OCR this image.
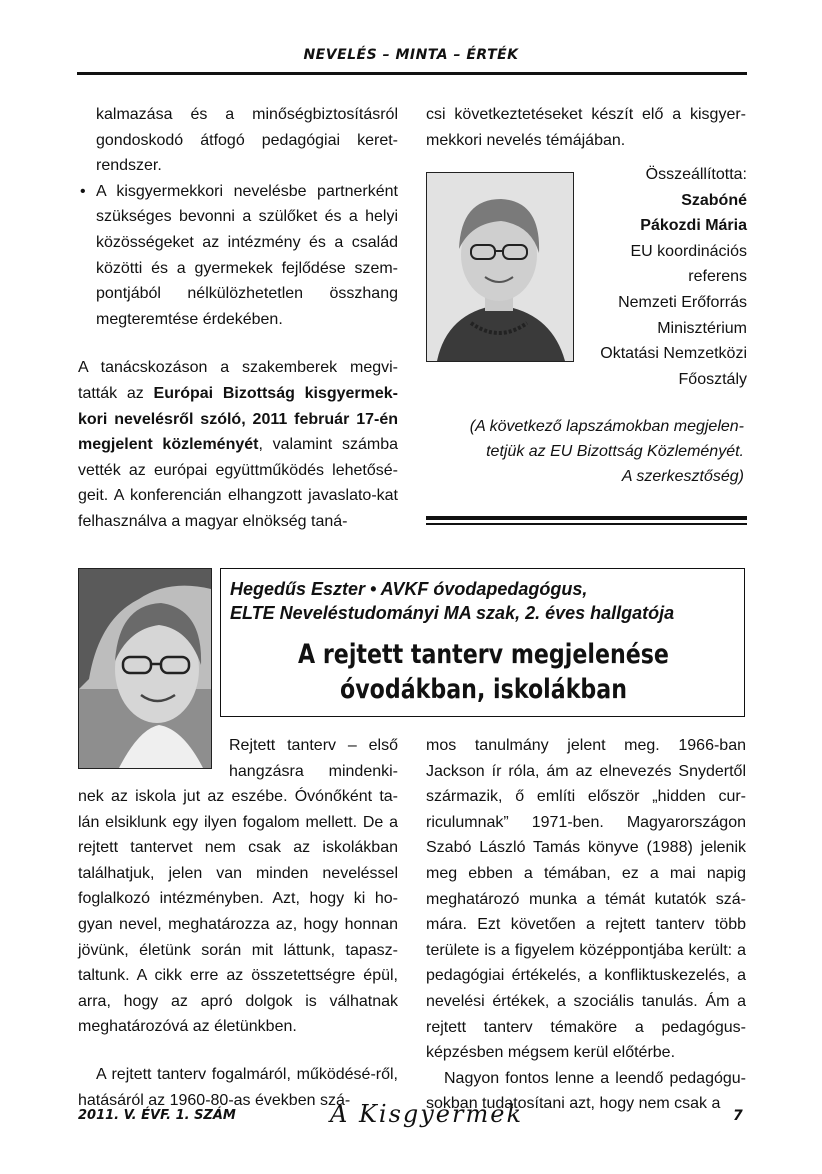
NEVELÉS – MINTA – ÉRTÉK

kalmazása és a minőségbiztosításról gondoskodó átfogó pedagógiai keret-rendszer.

• A kisgyermekkori nevelésbe partnerként szükséges bevonni a szülőket és a helyi közösségeket az intézmény és a család közötti és a gyermekek fejlődése szem-pontjából nélkülözhetetlen összhang megteremtése érdekében.

A tanácskozáson a szakemberek megvi-tatták az Európai Bizottság kisgyermek-kori nevelésről szóló, 2011 február 17-én megjelent közleményét, valamint számba vették az európai együttműködés lehetősé-geit. A konferencián elhangzott javaslato-kat felhasználva a magyar elnökség taná-

csi következtetéseket készít elő a kisgyer-mekkori nevelés témájában.

Összeállította:
Szabóné
Pákozdi Mária
EU koordinációs
referens
Nemzeti Erőforrás
Minisztérium
Oktatási Nemzetközi
Főosztály
(A következő lapszámokban megjelen-
tetjük az EU Bizottság Közleményét.
A szerkesztőség)
Hegedűs Eszter • AVKF óvodapedagógus,
ELTE Neveléstudományi MA szak, 2. éves hallgatója
A rejtett tanterv megjelenése
óvodákban, iskolákban
Rejtett tanterv – első
hangzásra mindenki-

nek az iskola jut az eszébe. Óvónőként ta-lán elsiklunk egy ilyen fogalom mellett. De a rejtett tantervet nem csak az iskolákban találhatjuk, jelen van minden neveléssel foglalkozó intézményben. Azt, hogy ki ho-gyan nevel, meghatározza az, hogy honnan jövünk, életünk során mit láttunk, tapasz-taltunk. A cikk erre az összetettségre épül, arra, hogy az apró dolgok is válhatnak meghatározóvá az életünkben.

A rejtett tanterv fogalmáról, működésé-ről, hatásáról az 1960-80-as években szá-

mos tanulmány jelent meg. 1966-ban Jackson ír róla, ám az elnevezés Snydertől származik, ő említi először „hidden cur-riculumnak” 1971-ben. Magyarországon Szabó László Tamás könyve (1988) jelenik meg ebben a témában, ez a mai napig meghatározó munka a témát kutatók szá-mára. Ezt követően a rejtett tanterv több területe is a figyelem középpontjába került: a pedagógiai értékelés, a konfliktuskezelés, a nevelési értékek, a szociális tanulás. Ám a rejtett tanterv témaköre a pedagógus-képzésben mégsem kerül előtérbe.

Nagyon fontos lenne a leendő pedagógu-sokban tudatosítani azt, hogy nem csak a

2011. V. ÉVF. 1. SZÁM	A Kisgyermek	7
